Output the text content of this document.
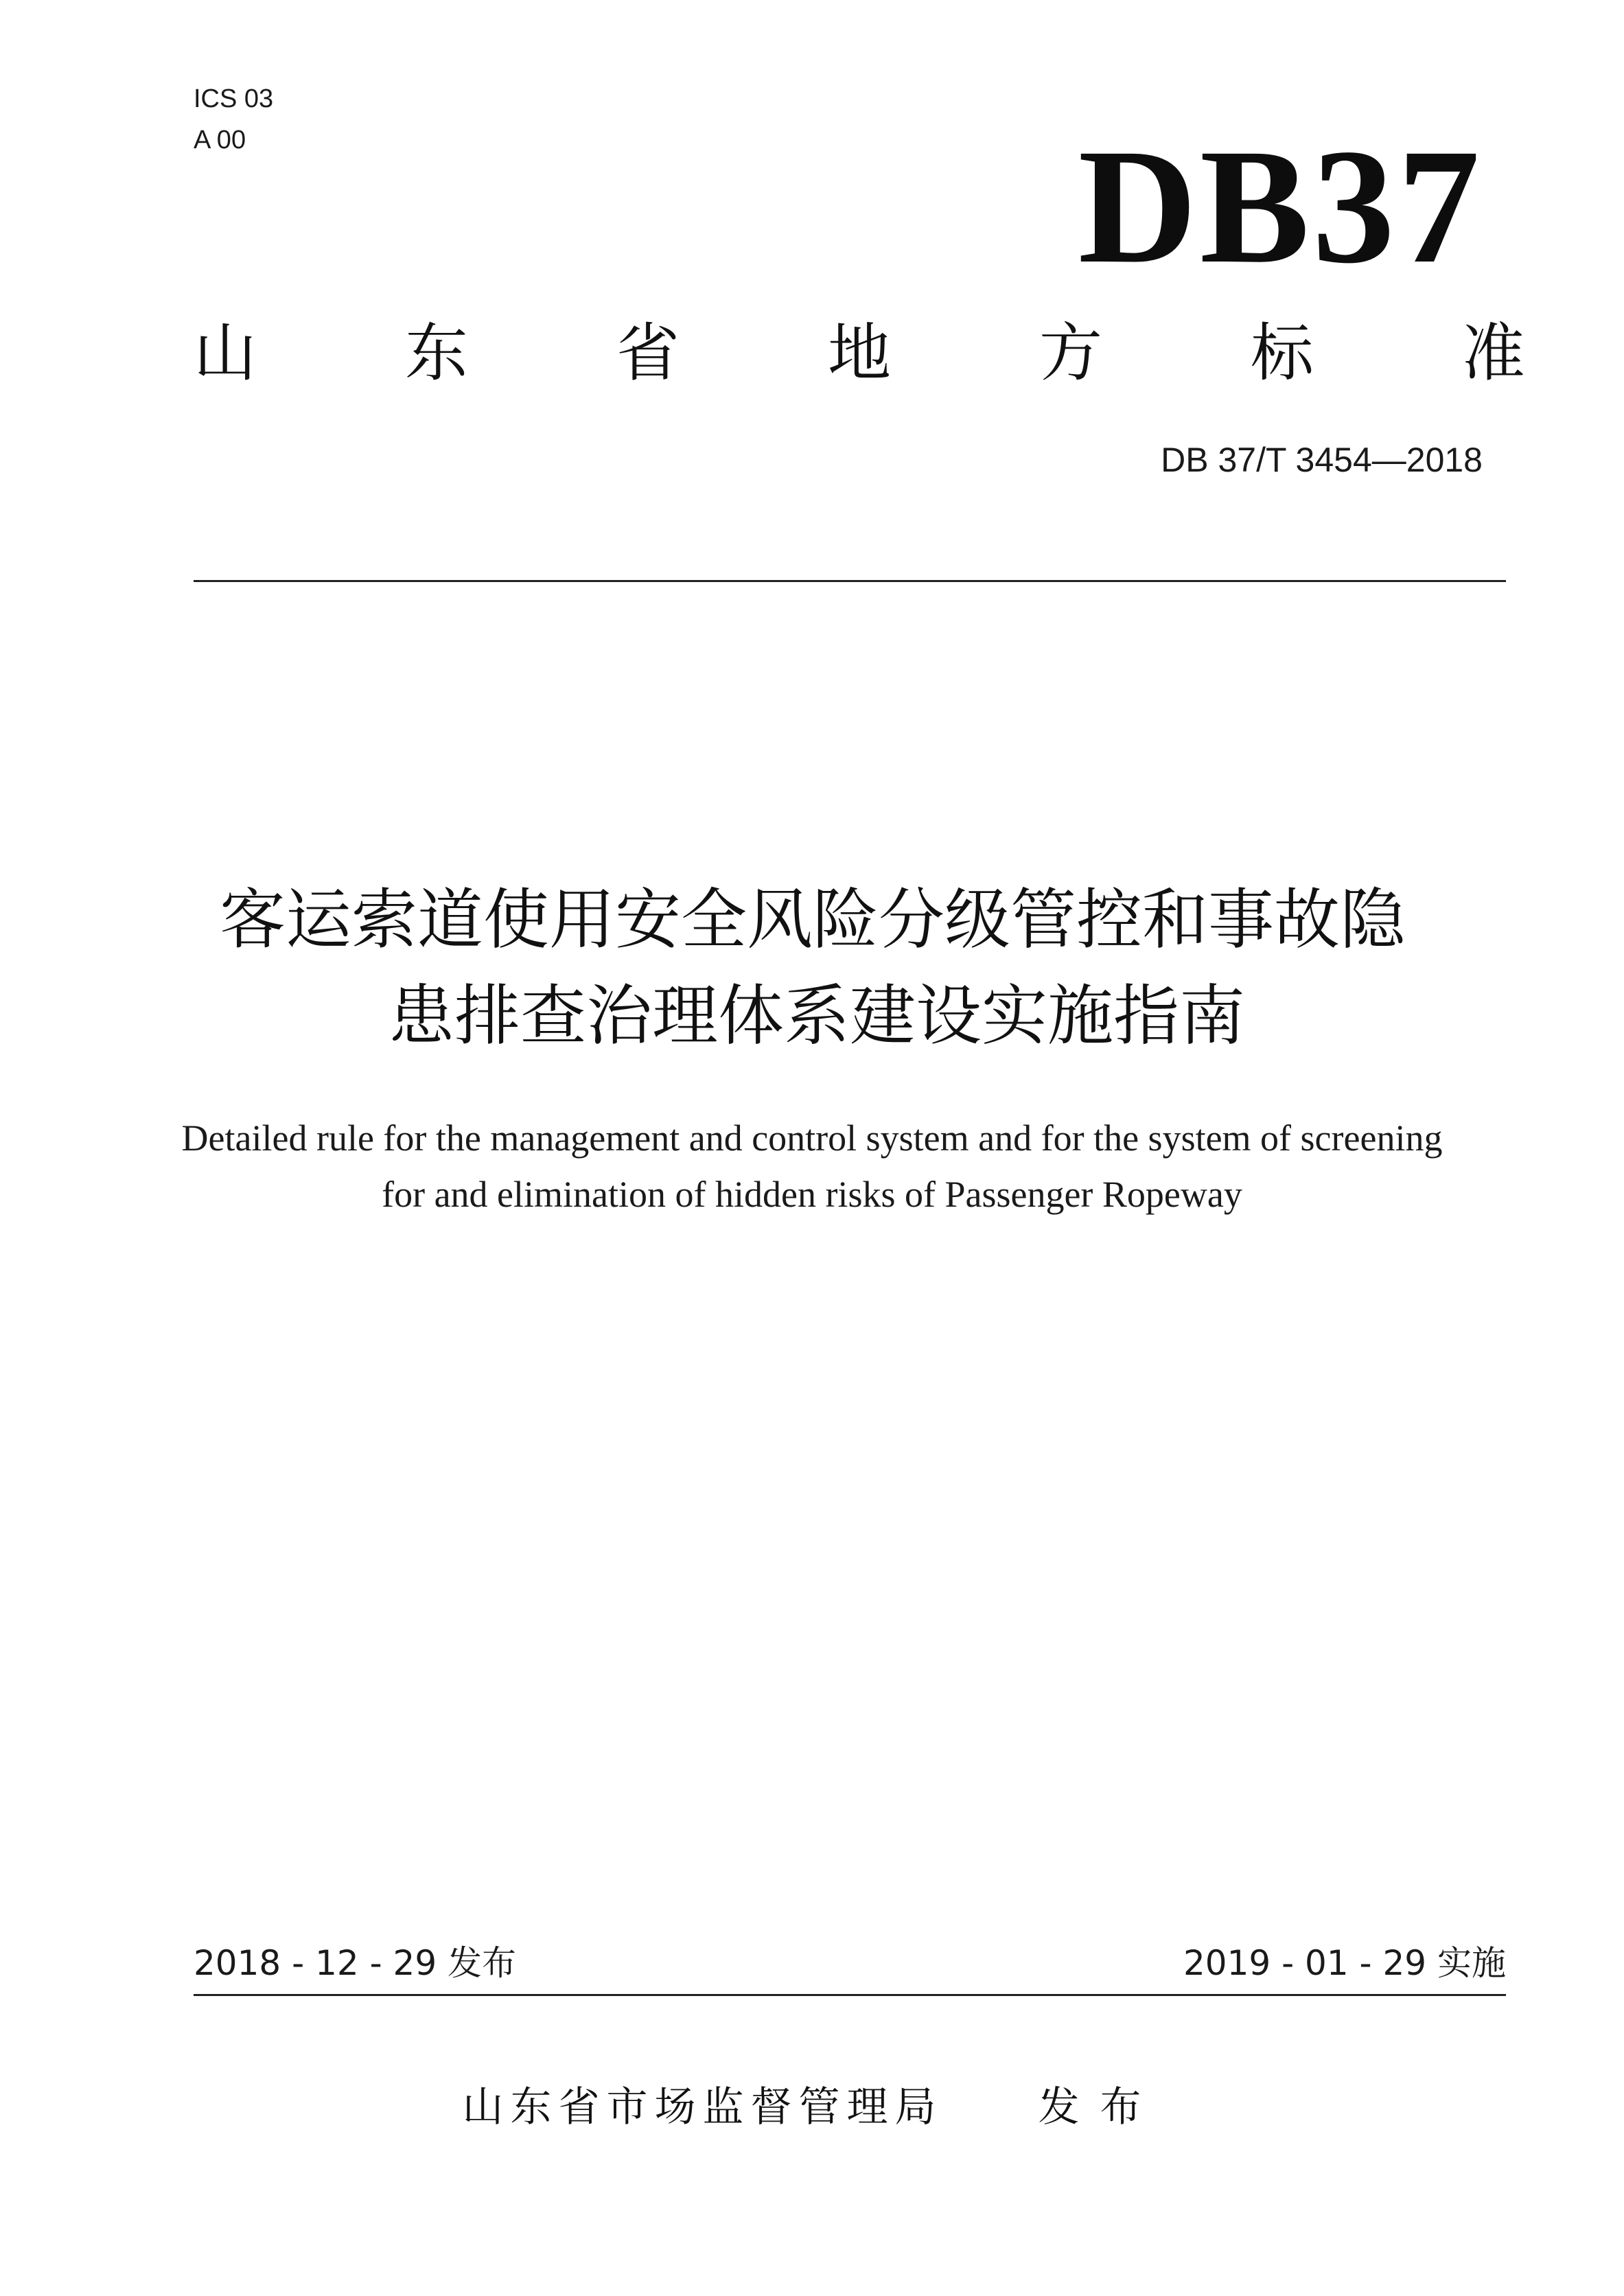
ICS 03
A 00	DB37
山 东 省 地 方 标 准
DB 37/T 3454—2018
客运索道使用安全风险分级管控和事故隐
患排查治理体系建设实施指南
Detailed rule for the management and control system and for the system of screening
for and elimination of hidden risks of Passenger Ropeway
2018 - 12 - 29 发布	2019 - 01 - 29 实施
山东省市场监督管理局 发布
